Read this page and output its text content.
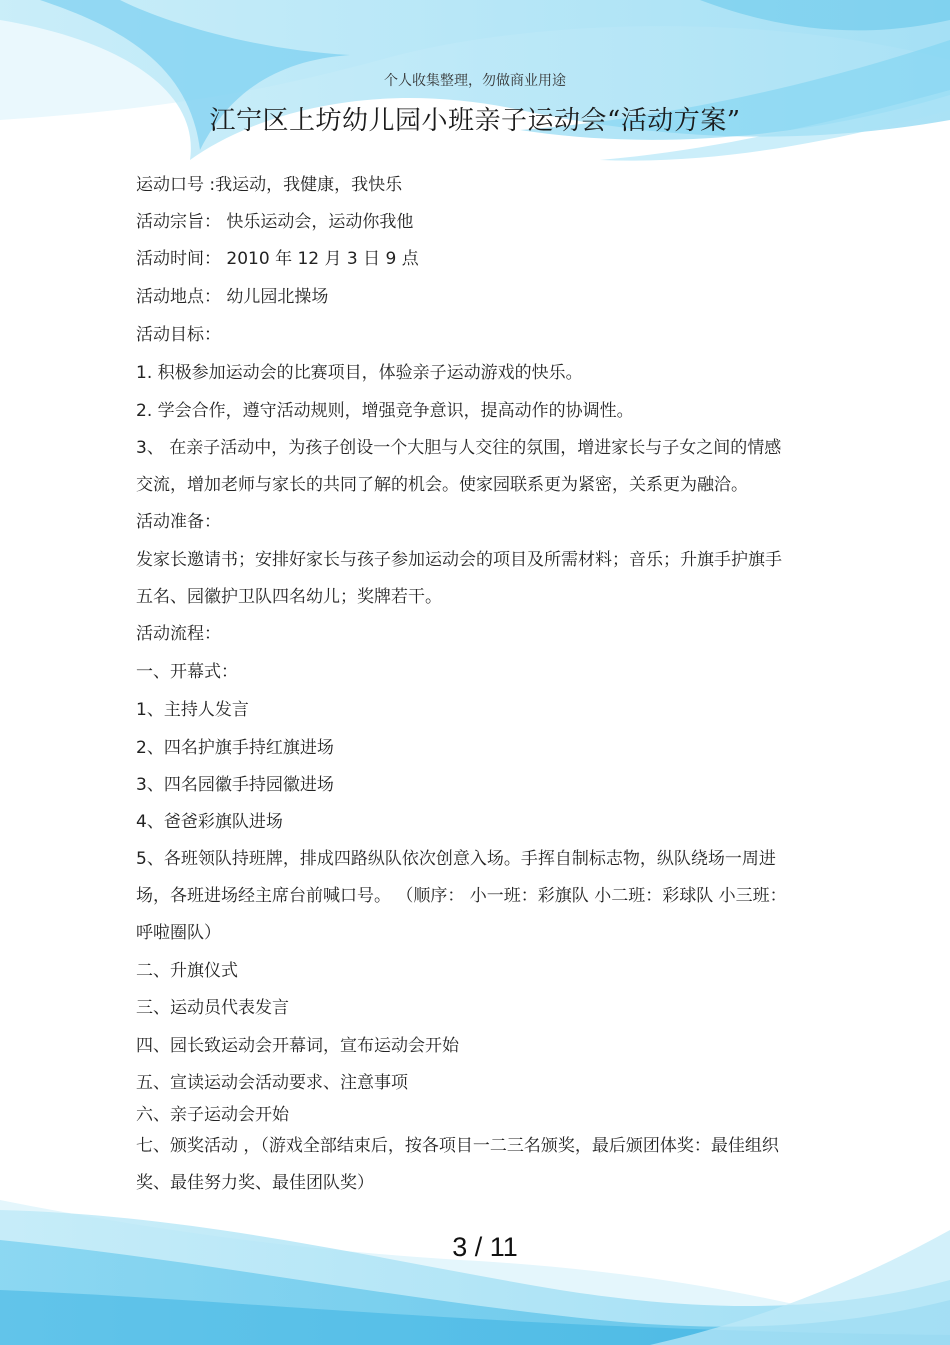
个人收集整理，勿做商业用途
江宁区上坊幼儿园小班亲子运动会“活动方案”
运动口号 :我运动，我健康，我快乐
活动宗旨： 快乐运动会，运动你我他
活动时间： 2010 年 12 月 3 日 9 点
活动地点： 幼儿园北操场
活动目标：
1. 积极参加运动会的比赛项目，体验亲子运动游戏的快乐。
2. 学会合作，遵守活动规则，增强竞争意识，提高动作的协调性。
3、 在亲子活动中，为孩子创设一个大胆与人交往的氛围，增进家长与子女之间的情感
交流，增加老师与家长的共同了解的机会。使家园联系更为紧密，关系更为融洽。
活动准备：
发家长邀请书；安排好家长与孩子参加运动会的项目及所需材料；音乐；升旗手护旗手
五名、园徽护卫队四名幼儿；奖牌若干。
活动流程：
一、开幕式：
1、主持人发言
2、四名护旗手持红旗进场
3、四名园徽手持园徽进场
4、爸爸彩旗队进场
5、各班领队持班牌，排成四路纵队依次创意入场。手挥自制标志物，纵队绕场一周进
场，各班进场经主席台前喊口号。 （顺序： 小一班：彩旗队 小二班：彩球队 小三班：
呼啦圈队）
二、升旗仪式
三、运动员代表发言
四、园长致运动会开幕词，宣布运动会开始
五、宣读运动会活动要求、注意事项
六、亲子运动会开始
七、颁奖活动 ，（游戏全部结束后，按各项目一二三名颁奖，最后颁团体奖：最佳组织
奖、最佳努力奖、最佳团队奖）
3 / 11
